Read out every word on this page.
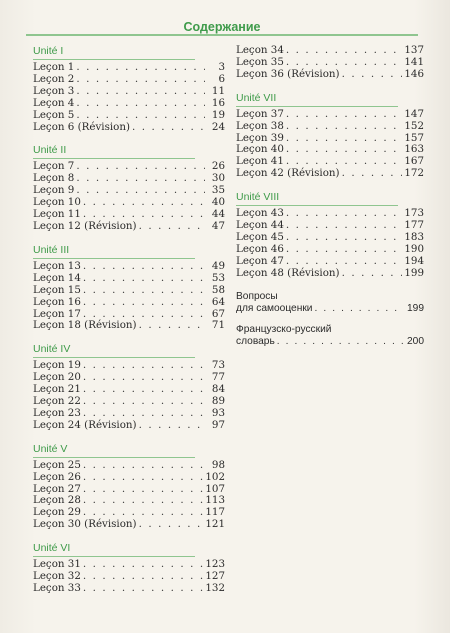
Содержание
Unité I
Leçon 1 . . .	3
Leçon 2 . . .	6
Leçon 3 . . .	11
Leçon 4 . . .	16
Leçon 5 . . .	19
Leçon 6 (Révision) . . .	24
Unité II
Leçon 7 . . .	26
Leçon 8 . . .	30
Leçon 9 . . .	35
Leçon 10 . . .	40
Leçon 11 . . .	44
Leçon 12 (Révision) . . .	47
Unité III
Leçon 13 . . .	49
Leçon 14 . . .	53
Leçon 15 . . .	58
Leçon 16 . . .	64
Leçon 17 . . .	67
Leçon 18 (Révision) . . .	71
Unité IV
Leçon 19 . . .	73
Leçon 20 . . .	77
Leçon 21 . . .	84
Leçon 22 . . .	89
Leçon 23 . . .	93
Leçon 24 (Révision) . . .	97
Unité V
Leçon 25 . . .	98
Leçon 26 . . .	102
Leçon 27 . . .	107
Leçon 28 . . .	113
Leçon 29 . . .	117
Leçon 30 (Révision) . . .	121
Unité VI
Leçon 31 . . .	123
Leçon 32 . . .	127
Leçon 33 . . .	132
Leçon 34 . . .	137
Leçon 35 . . .	141
Leçon 36 (Révision) . . .	146
Unité VII
Leçon 37 . . .	147
Leçon 38 . . .	152
Leçon 39 . . .	157
Leçon 40 . . .	163
Leçon 41 . . .	167
Leçon 42 (Révision) . . .	172
Unité VIII
Leçon 43 . . .	173
Leçon 44 . . .	177
Leçon 45 . . .	183
Leçon 46 . . .	190
Leçon 47 . . .	194
Leçon 48 (Révision) . . .	199
Вопросы
для самооценки . . .	199
Французско-русский
словарь . . .	200
